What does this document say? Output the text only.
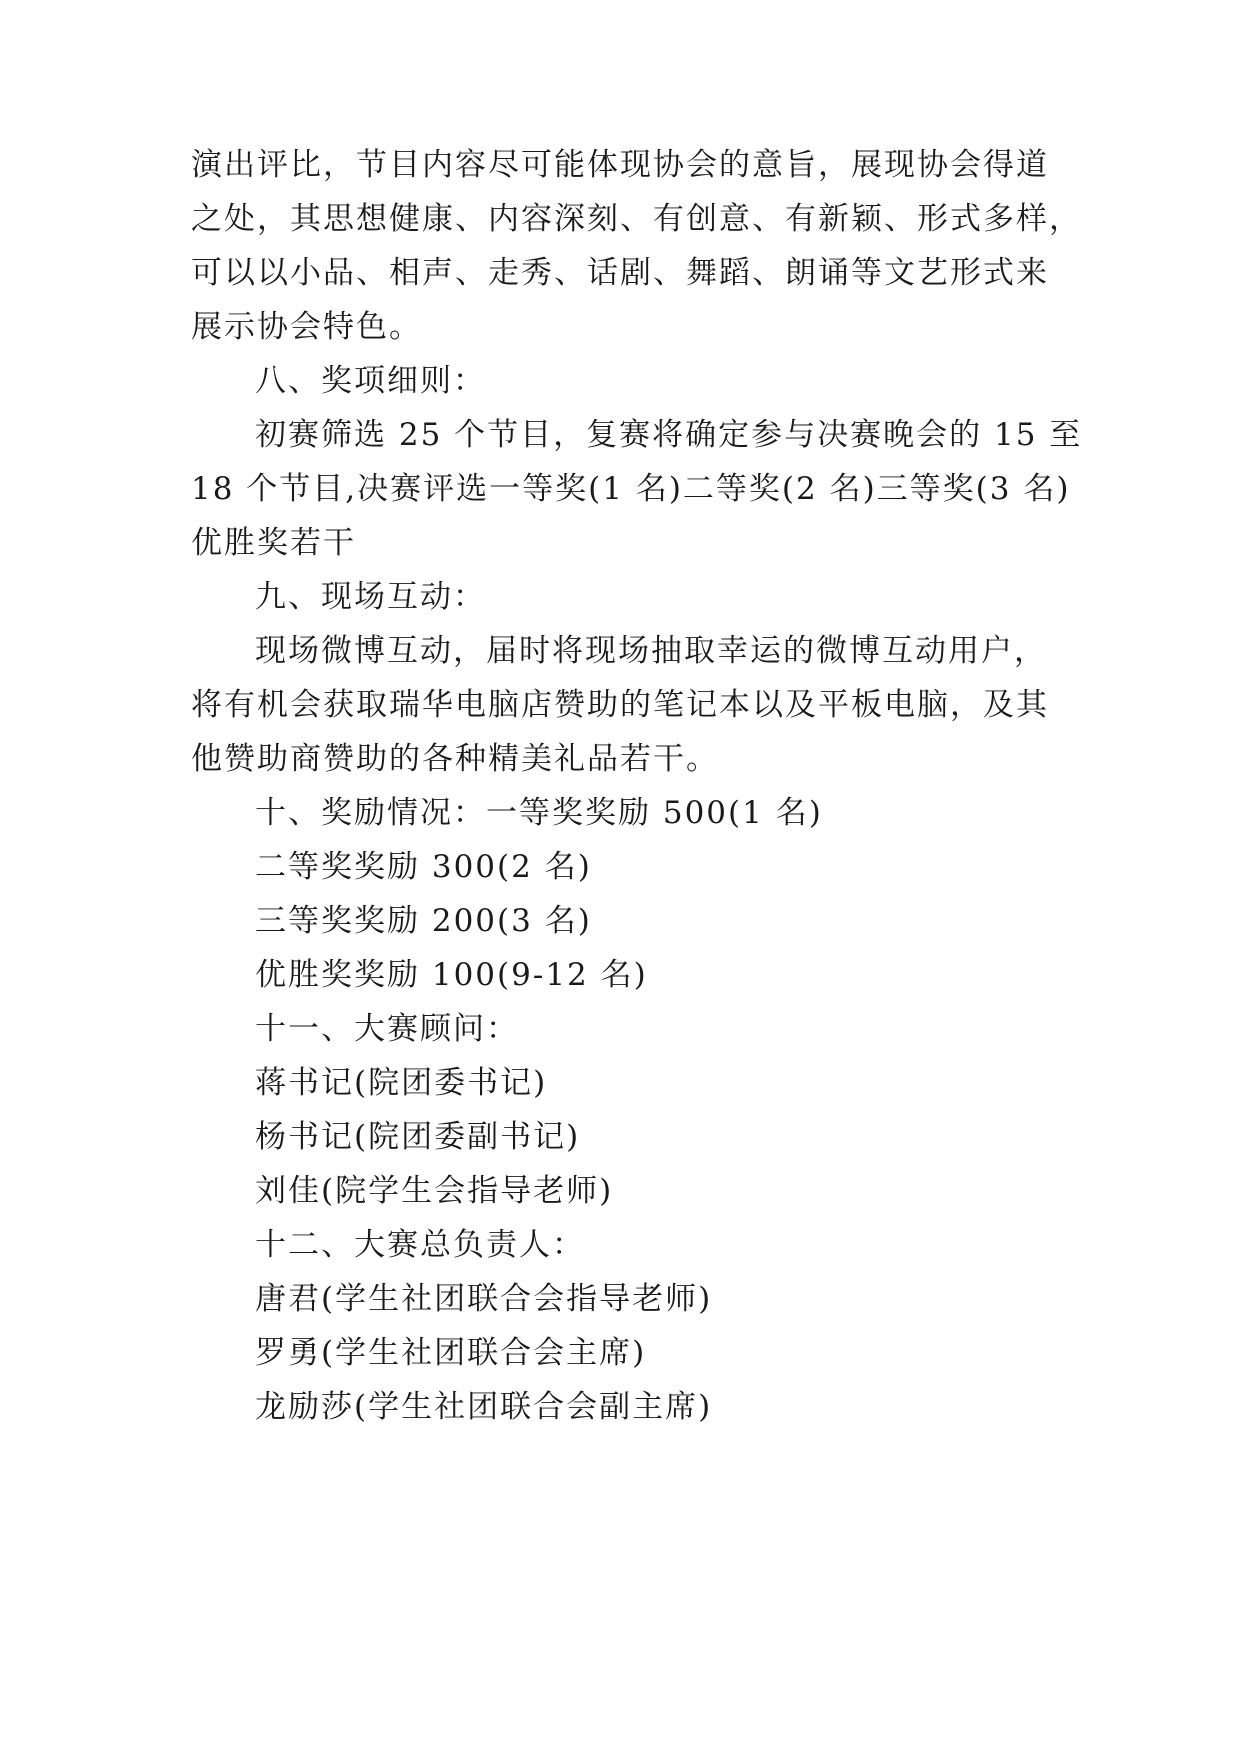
演出评比，节目内容尽可能体现协会的意旨，展现协会得道
之处，其思想健康、内容深刻、有创意、有新颖、形式多样，
可以以小品、相声、走秀、话剧、舞蹈、朗诵等文艺形式来
展示协会特色。
八、奖项细则：
初赛筛选 25 个节目，复赛将确定参与决赛晚会的 15 至
18 个节目,决赛评选一等奖(1 名)二等奖(2 名)三等奖(3 名)
优胜奖若干
九、现场互动：
现场微博互动，届时将现场抽取幸运的微博互动用户，
将有机会获取瑞华电脑店赞助的笔记本以及平板电脑，及其
他赞助商赞助的各种精美礼品若干。
十、奖励情况：一等奖奖励 500(1 名)
二等奖奖励 300(2 名)
三等奖奖励 200(3 名)
优胜奖奖励 100(9-12 名)
十一、大赛顾问：
蒋书记(院团委书记)
杨书记(院团委副书记)
刘佳(院学生会指导老师)
十二、大赛总负责人：
唐君(学生社团联合会指导老师)
罗勇(学生社团联合会主席)
龙励莎(学生社团联合会副主席)
